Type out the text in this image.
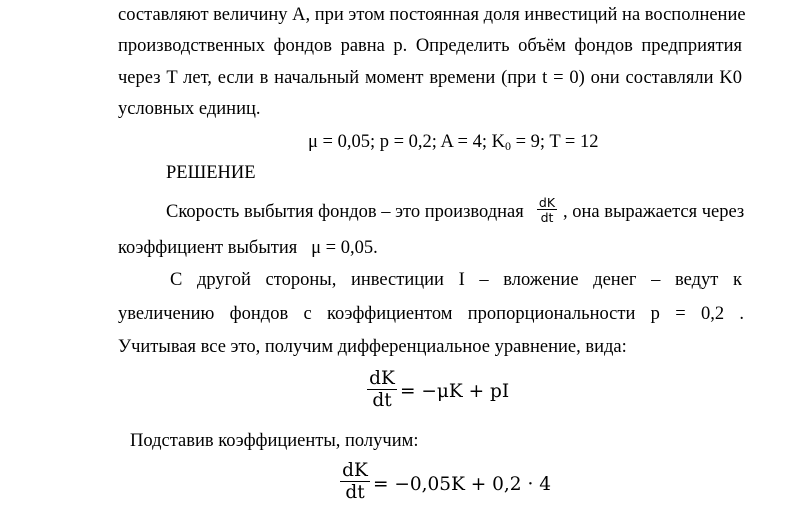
составляют величину A, при этом постоянная доля инвестиций на восполнение
производственных фондов равна p. Определить объём фондов предприятия
через T лет, если в начальный момент времени (при t = 0) они составляли K0
условных единиц.
μ = 0,05; p = 0,2; A = 4; $K_0 = 9$; T = 12
РЕШЕНИЕ
Скорость выбытия фондов – это производная dK
dt , она выражается через
коэффициент выбытия   μ = 0,05.
С другой стороны, инвестиции I – вложение денег – ведут к
увеличению фондов с коэффициентом пропорциональности p = 0,2 .
Учитывая все это, получим дифференциальное уравнение, вида:
dK
dt = −μK + pI
Подставив коэффициенты, получим:
dK
dt = −0,05K + 0,2 · 4
